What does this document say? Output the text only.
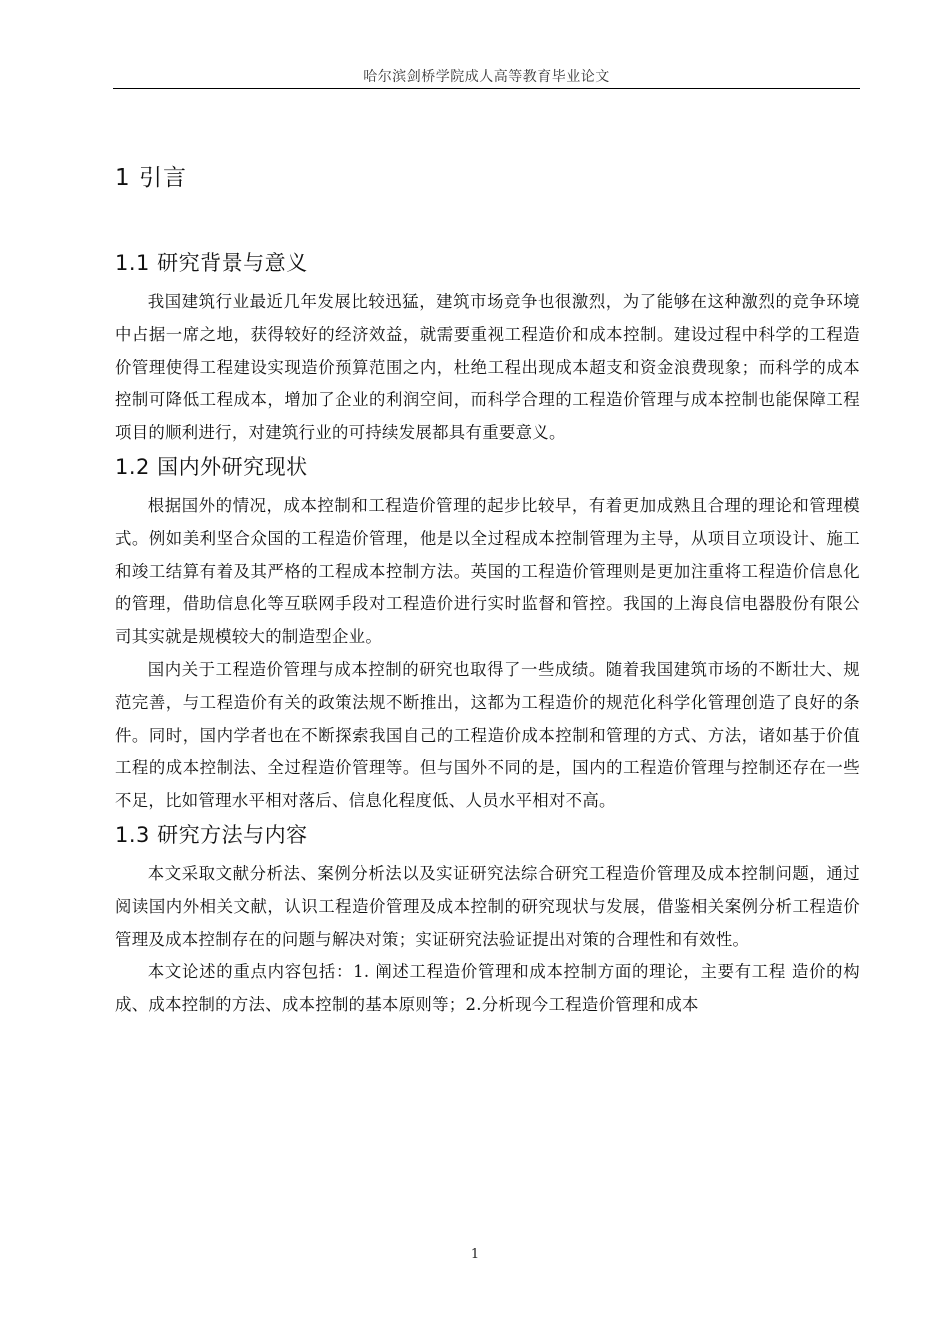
哈尔滨剑桥学院成人高等教育毕业论文
1 引言
1.1 研究背景与意义

我国建筑行业最近几年发展比较迅猛，建筑市场竞争也很激烈，为了能够在这种激烈的竞争环境中占据一席之地，获得较好的经济效益，就需要重视工程造价和成本控制。建设过程中科学的工程造价管理使得工程建设实现造价预算范围之内，杜绝工程出现成本超支和资金浪费现象；而科学的成本控制可降低工程成本，增加了企业的利润空间，而科学合理的工程造价管理与成本控制也能保障工程项目的顺利进行，对建筑行业的可持续发展都具有重要意义。

1.2 国内外研究现状

根据国外的情况，成本控制和工程造价管理的起步比较早，有着更加成熟且合理的理论和管理模式。例如美利坚合众国的工程造价管理，他是以全过程成本控制管理为主导，从项目立项设计、施工和竣工结算有着及其严格的工程成本控制方法。英国的工程造价管理则是更加注重将工程造价信息化的管理，借助信息化等互联网手段对工程造价进行实时监督和管控。我国的上海良信电器股份有限公司其实就是规模较大的制造型企业。

国内关于工程造价管理与成本控制的研究也取得了一些成绩。随着我国建筑市场的不断壮大、规范完善，与工程造价有关的政策法规不断推出，这都为工程造价的规范化科学化管理创造了良好的条件。同时，国内学者也在不断探索我国自己的工程造价成本控制和管理的方式、方法，诸如基于价值工程的成本控制法、全过程造价管理等。但与国外不同的是，国内的工程造价管理与控制还存在一些不足，比如管理水平相对落后、信息化程度低、人员水平相对不高。

1.3 研究方法与内容

本文采取文献分析法、案例分析法以及实证研究法综合研究工程造价管理及成本控制问题，通过阅读国内外相关文献，认识工程造价管理及成本控制的研究现状与发展，借鉴相关案例分析工程造价管理及成本控制存在的问题与解决对策；实证研究法验证提出对策的合理性和有效性。

本文论述的重点内容包括：1. 阐述工程造价管理和成本控制方面的理论，主要有工程 造价的构成、成本控制的方法、成本控制的基本原则等；2.分析现今工程造价管理和成本

1
